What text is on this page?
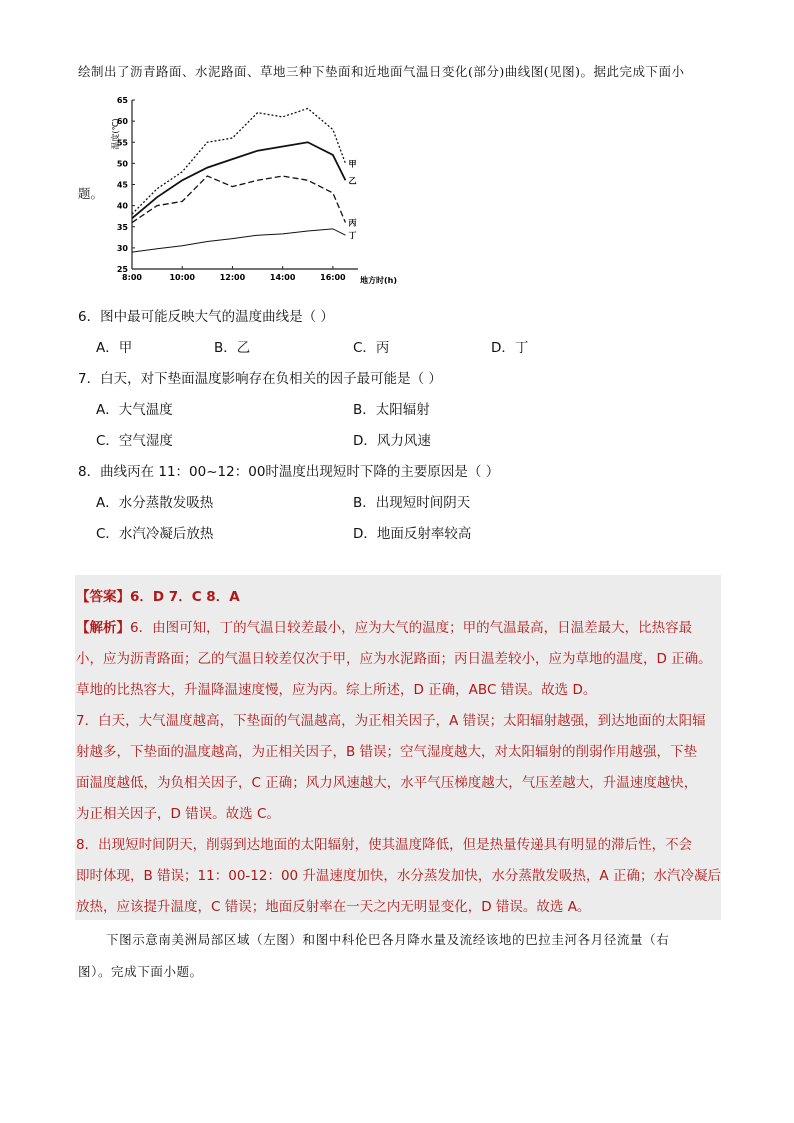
绘制出了沥青路面、水泥路面、草地三种下垫面和近地面气温日变化(部分)曲线图(见图)。据此完成下面小
题。
温度(℃)
25
30
35
40
45
50
55
60
65
8:00	10:00	12:00	14:00	16:00
甲
乙
丙
丁
地方时(h)
6．图中最可能反映大气的温度曲线是（ ）
A．甲	B．乙	C．丙	D．丁
7．白天，对下垫面温度影响存在负相关的因子最可能是（ ）
A．大气温度	B．太阳辐射
C．空气湿度	D．风力风速
8．曲线丙在 11：00~12：00时温度出现短时下降的主要原因是（ ）
A．水分蒸散发吸热	B．出现短时间阴天
C．水汽冷凝后放热	D．地面反射率较高
【答案】6．D 7．C 8．A
【解析】6．由图可知，丁的气温日较差最小，应为大气的温度；甲的气温最高，日温差最大，比热容最
小，应为沥青路面；乙的气温日较差仅次于甲，应为水泥路面；丙日温差较小，应为草地的温度，D 正确。
草地的比热容大，升温降温速度慢，应为丙。综上所述，D 正确，ABC 错误。故选 D。
7．白天，大气温度越高，下垫面的气温越高，为正相关因子，A 错误；太阳辐射越强，到达地面的太阳辐
射越多，下垫面的温度越高，为正相关因子，B 错误；空气湿度越大，对太阳辐射的削弱作用越强，下垫
面温度越低，为负相关因子，C 正确；风力风速越大，水平气压梯度越大，气压差越大，升温速度越快，
为正相关因子，D 错误。故选 C。
8．出现短时间阴天，削弱到达地面的太阳辐射，使其温度降低，但是热量传递具有明显的滞后性，不会
即时体现，B 错误；11：00-12：00 升温速度加快，水分蒸发加快，水分蒸散发吸热，A 正确；水汽冷凝后
放热，应该提升温度，C 错误；地面反射率在一天之内无明显变化，D 错误。故选 A。
下图示意南美洲局部区域（左图）和图中科伦巴各月降水量及流经该地的巴拉圭河各月径流量（右
图）。完成下面小题。
